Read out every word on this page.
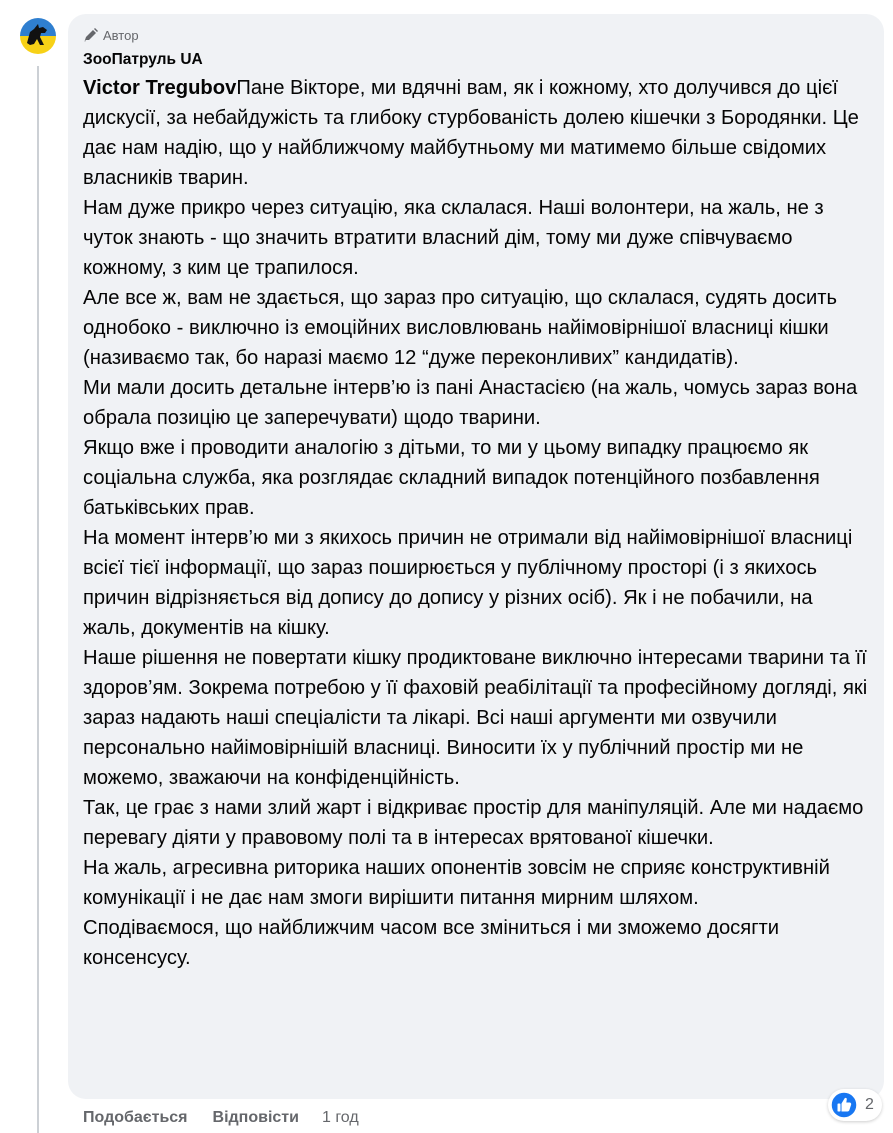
Автор
ЗооПатруль UA

Victor TregubovПане Вікторе, ми вдячні вам, як і кожному, хто долучився до цієї дискусії, за небайдужість та глибоку стурбованість долею кішечки з Бородянки. Це дає нам надію, що у найближчому майбутньому ми матимемо більше свідомих власників тварин.

Нам дуже прикро через ситуацію, яка склалася. Наші волонтери, на жаль, не з чуток знають - що значить втратити власний дім, тому ми дуже співчуваємо кожному, з ким це трапилося.

Але все ж, вам не здається, що зараз про ситуацію, що склалася, судять досить однобоко - виключно із емоційних висловлювань найімовірнішої власниці кішки (називаємо так, бо наразі маємо 12 “дуже переконливих” кандидатів).

Ми мали досить детальне інтерв’ю із пані Анастасією (на жаль, чомусь зараз вона обрала позицію це заперечувати) щодо тварини.

Якщо вже і проводити аналогію з дітьми, то ми у цьому випадку працюємо як соціальна служба, яка розглядає складний випадок потенційного позбавлення батьківських прав.

На момент інтерв’ю ми з якихось причин не отримали від найімовірнішої власниці всієї тієї інформації, що зараз поширюється у публічному просторі (і з якихось причин відрізняється від допису до допису у різних осіб). Як і не побачили, на жаль, документів на кішку.

Наше рішення не повертати кішку продиктоване виключно інтересами тварини та її здоров’ям. Зокрема потребою у її фаховій реабілітації та професійному догляді, які зараз надають наші спеціалісти та лікарі. Всі наші аргументи ми озвучили персонально найімовірнішій власниці. Виносити їх у публічний простір ми не можемо, зважаючи на конфіденційність.

Так, це грає з нами злий жарт і відкриває простір для маніпуляцій. Але ми надаємо перевагу діяти у правовому полі та в інтересах врятованої кішечки.

На жаль, агресивна риторика наших опонентів зовсім не сприяє конструктивній комунікації і не дає нам змоги вирішити питання мирним шляхом.

Сподіваємося, що найближчим часом все зміниться і ми зможемо досягти консенсусу.

Подобається Відповісти 1 год
2
